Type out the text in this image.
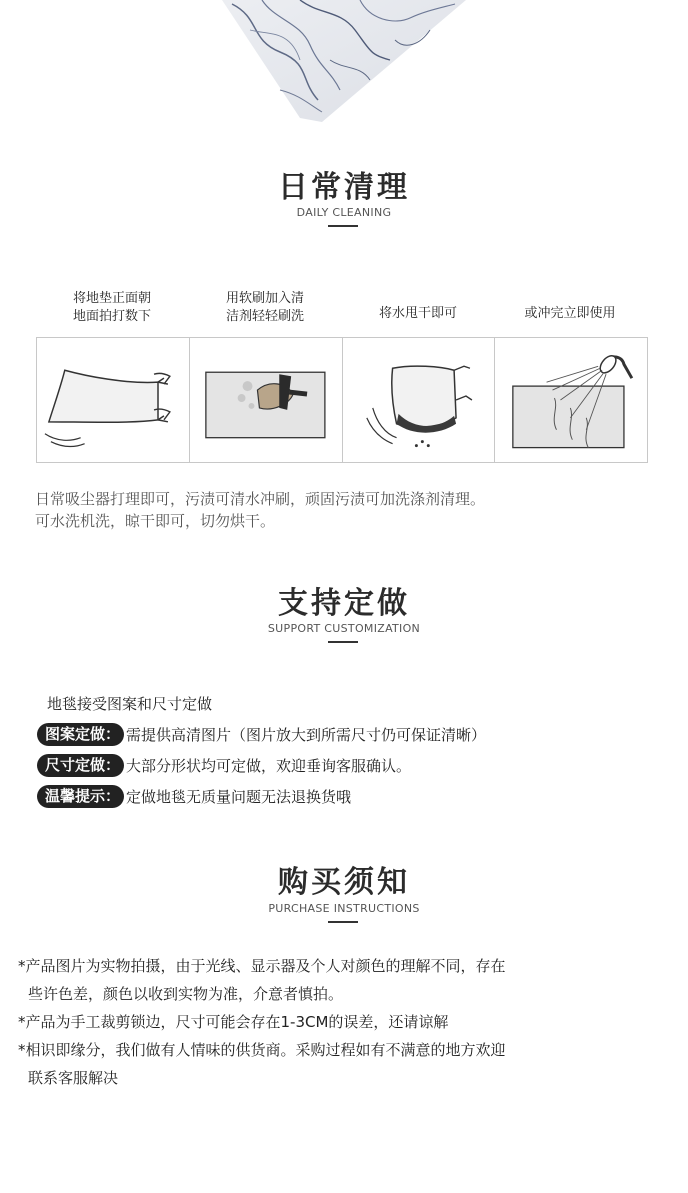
日常清理
DAILY CLEANING
将地垫正面朝
地面拍打数下
用软刷加入清
洁剂轻轻刷洗	将水甩干即可	或冲完立即使用
日常吸尘器打理即可，污渍可清水冲刷，顽固污渍可加洗涤剂清理。
可水洗机洗，晾干即可，切勿烘干。
支持定做
SUPPORT CUSTOMIZATION
地毯接受图案和尺寸定做
图案定做： 需提供高清图片（图片放大到所需尺寸仍可保证清晰）
尺寸定做： 大部分形状均可定做，欢迎垂询客服确认。
温馨提示： 定做地毯无质量问题无法退换货哦
购买须知
PURCHASE INSTRUCTIONS
*产品图片为实物拍摄，由于光线、显示器及个人对颜色的理解不同，存在
些许色差，颜色以收到实物为准，介意者慎拍。
*产品为手工裁剪锁边，尺寸可能会存在1-3CM的误差，还请谅解
*相识即缘分，我们做有人情味的供货商。采购过程如有不满意的地方欢迎
联系客服解决
